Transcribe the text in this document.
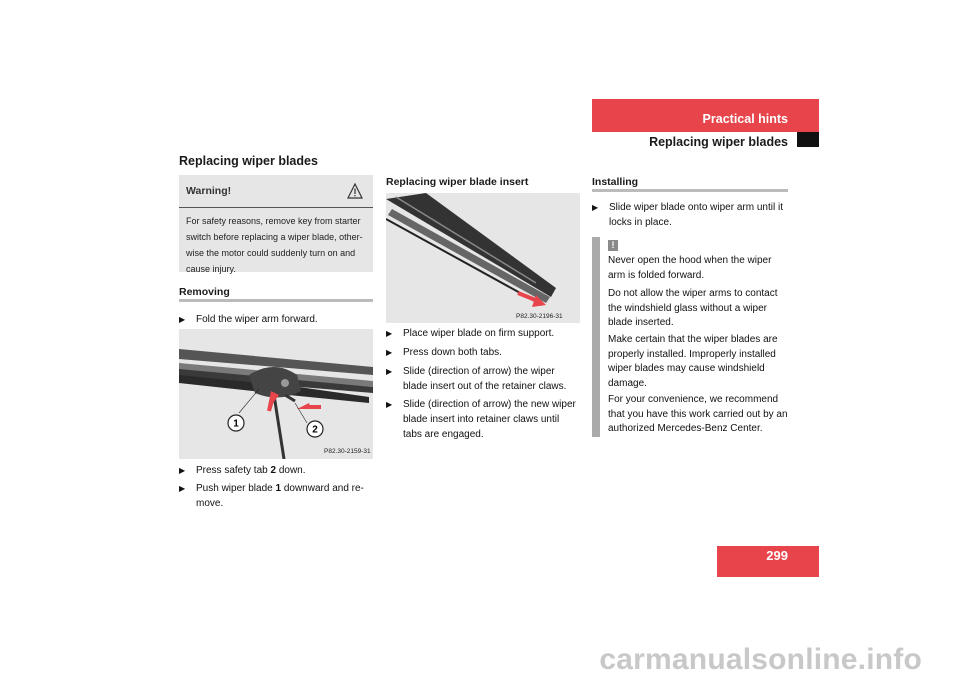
Practical hints
Replacing wiper blades
Replacing wiper blades
Warning!
For safety reasons, remove key from starter switch before replacing a wiper blade, other-wise the motor could suddenly turn on and cause injury.
Removing
▶	Fold the wiper arm forward.
1
2
P82.30-2159-31
▶	Press safety tab 2 down.
▶	Push wiper blade 1 downward and re-move.
Replacing wiper blade insert
P82.30-2196-31
▶	Place wiper blade on firm support.
▶	Press down both tabs.
▶	Slide (direction of arrow) the wiper blade insert out of the retainer claws.
▶	Slide (direction of arrow) the new wiper blade insert into retainer claws until tabs are engaged.
Installing
▶	Slide wiper blade onto wiper arm until it locks in place.
!
Never open the hood when the wiper arm is folded forward.
Do not allow the wiper arms to contact the windshield glass without a wiper blade inserted.
Make certain that the wiper blades are properly installed. Improperly installed wiper blades may cause windshield damage.
For your convenience, we recommend that you have this work carried out by an authorized Mercedes-Benz Center.
299
carmanualsonline.info
